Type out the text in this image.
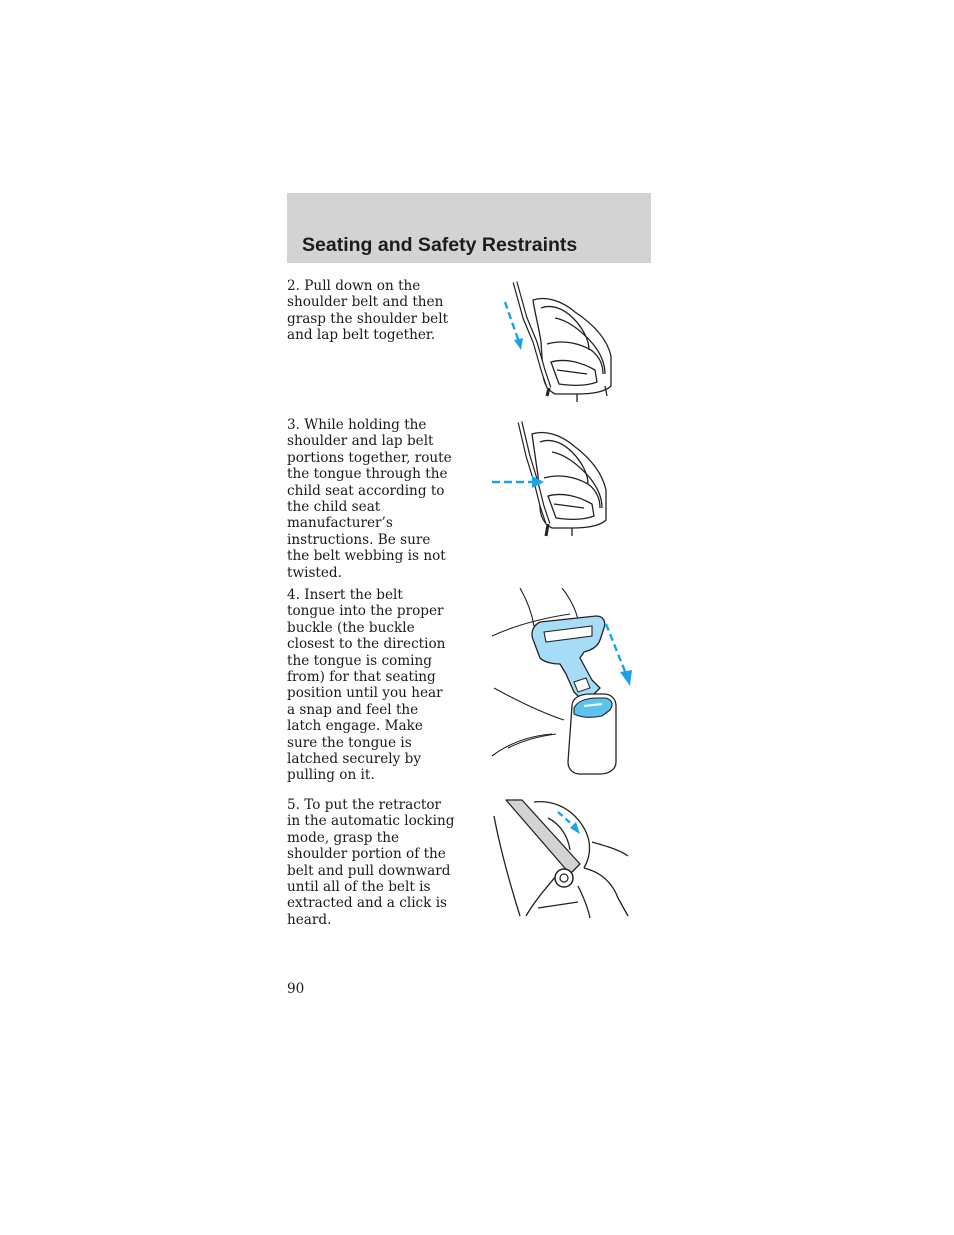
Seating and Safety Restraints

2. Pull down on the shoulder belt and then grasp the shoulder belt and lap belt together.

3. While holding the shoulder and lap belt portions together, route the tongue through the child seat according to the child seat manufacturer’s instructions. Be sure the belt webbing is not twisted.

4. Insert the belt tongue into the proper buckle (the buckle closest to the direction the tongue is coming from) for that seating position until you hear a snap and feel the latch engage. Make sure the tongue is latched securely by pulling on it.

5. To put the retractor in the automatic locking mode, grasp the shoulder portion of the belt and pull downward until all of the belt is extracted and a click is heard.

90
